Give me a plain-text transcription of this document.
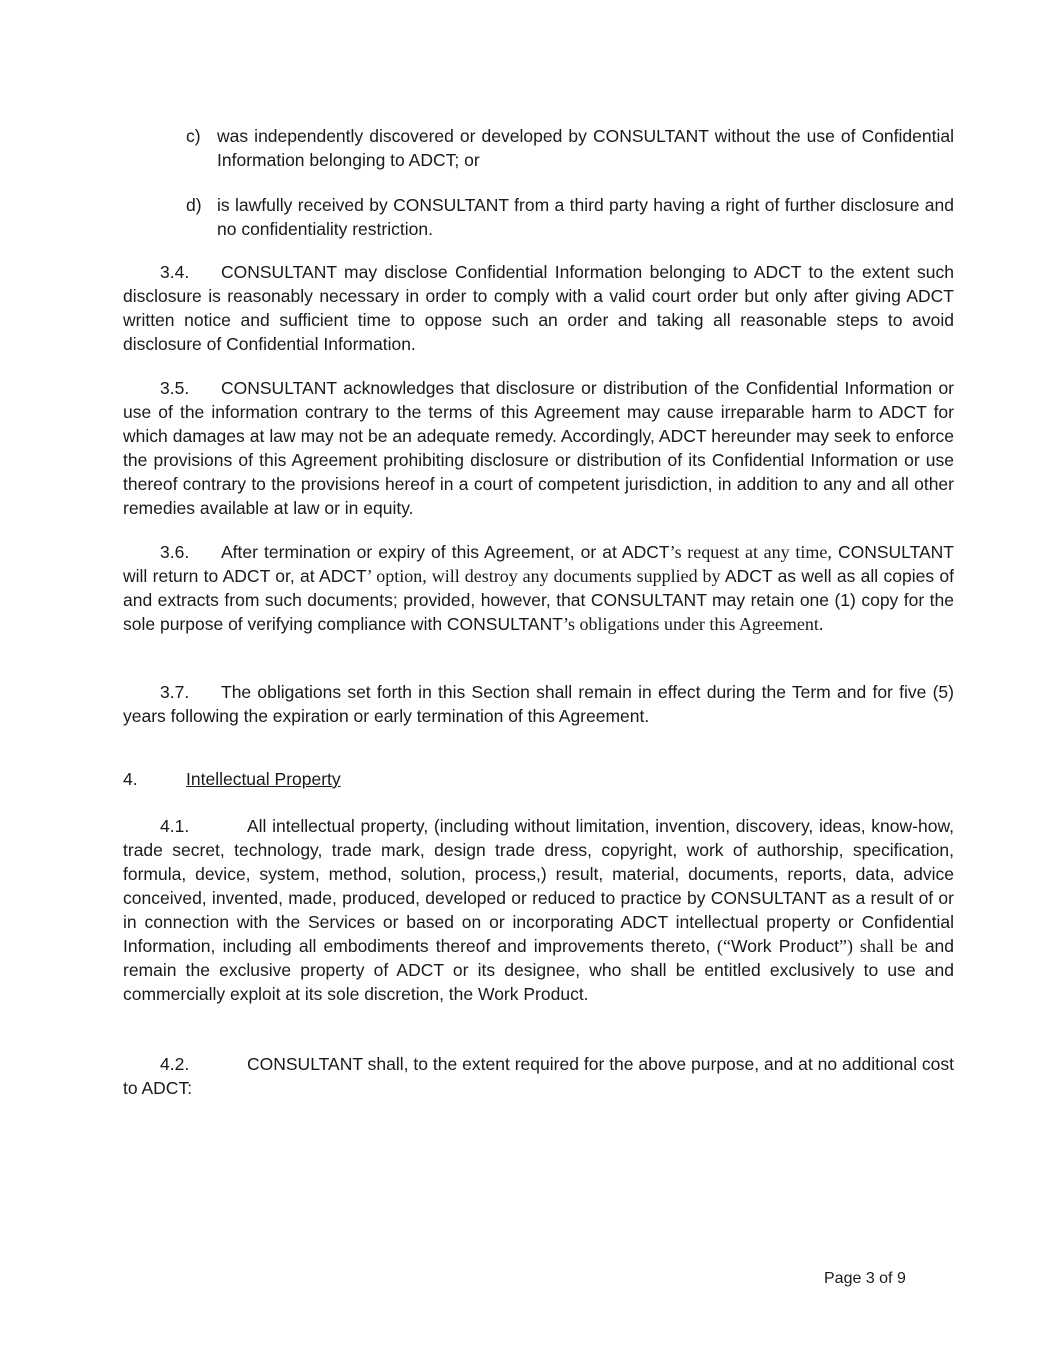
c) was independently discovered or developed by CONSULTANT without the use of Confidential Information belonging to ADCT; or
d) is lawfully received by CONSULTANT from a third party having a right of further disclosure and no confidentiality restriction.

3.4. CONSULTANT may disclose Confidential Information belonging to ADCT to the extent such disclosure is reasonably necessary in order to comply with a valid court order but only after giving ADCT written notice and sufficient time to oppose such an order and taking all reasonable steps to avoid disclosure of Confidential Information.

3.5. CONSULTANT acknowledges that disclosure or distribution of the Confidential Information or use of the information contrary to the terms of this Agreement may cause irreparable harm to ADCT for which damages at law may not be an adequate remedy. Accordingly, ADCT hereunder may seek to enforce the provisions of this Agreement prohibiting disclosure or distribution of its Confidential Information or use thereof contrary to the provisions hereof in a court of competent jurisdiction, in addition to any and all other remedies available at law or in equity.

3.6. After termination or expiry of this Agreement, or at ADCT’s request at any time, CONSULTANT will return to ADCT or, at ADCT’ option, will destroy any documents supplied by ADCT as well as all copies of and extracts from such documents; provided, however, that CONSULTANT may retain one (1) copy for the sole purpose of verifying compliance with CONSULTANT’s obligations under this Agreement.

3.7. The obligations set forth in this Section shall remain in effect during the Term and for five (5) years following the expiration or early termination of this Agreement.

4.	Intellectual Property

4.1.	All intellectual property, (including without limitation, invention, discovery, ideas, know-how, trade secret, technology, trade mark, design trade dress, copyright, work of authorship, specification, formula, device, system, method, solution, process,) result, material, documents, reports, data, advice conceived, invented, made, produced, developed or reduced to practice by CONSULTANT as a result of or in connection with the Services or based on or incorporating ADCT intellectual property or Confidential Information, including all embodiments thereof and improvements thereto, (“Work Product”) shall be and remain the exclusive property of ADCT or its designee, who shall be entitled exclusively to use and commercially exploit at its sole discretion, the Work Product.

4.2.	CONSULTANT shall, to the extent required for the above purpose, and at no additional cost to ADCT:

Page 3 of 9
